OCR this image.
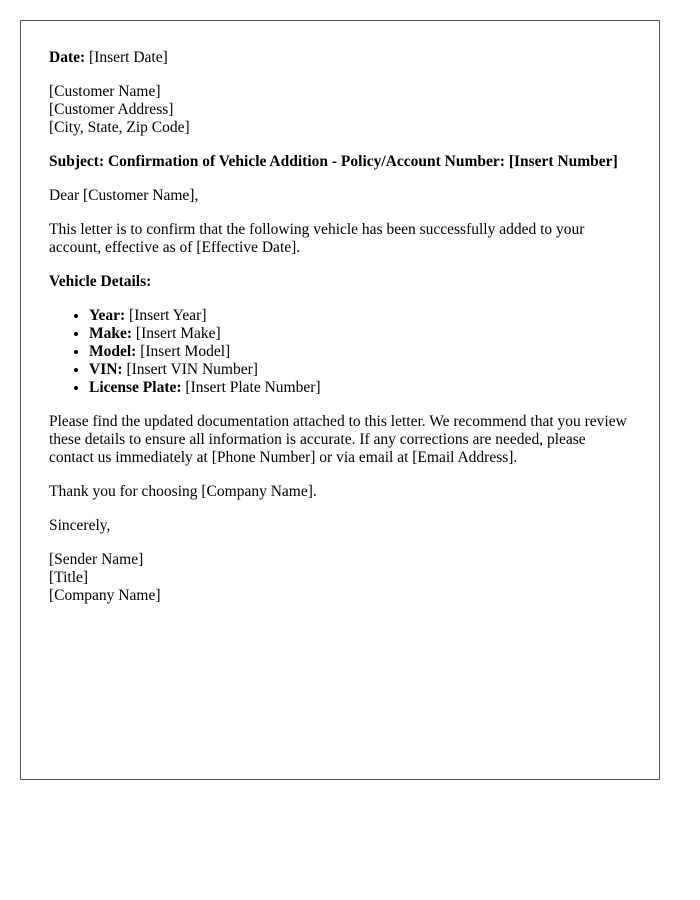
Date: [Insert Date]

[Customer Name]
[Customer Address]
[City, State, Zip Code]

Subject: Confirmation of Vehicle Addition - Policy/Account Number: [Insert Number]

Dear [Customer Name],

This letter is to confirm that the following vehicle has been successfully added to your account, effective as of [Effective Date].

Vehicle Details:

• Year: [Insert Year]
• Make: [Insert Make]
• Model: [Insert Model]
• VIN: [Insert VIN Number]
• License Plate: [Insert Plate Number]

Please find the updated documentation attached to this letter. We recommend that you review these details to ensure all information is accurate. If any corrections are needed, please contact us immediately at [Phone Number] or via email at [Email Address].

Thank you for choosing [Company Name].

Sincerely,

[Sender Name]
[Title]
[Company Name]
